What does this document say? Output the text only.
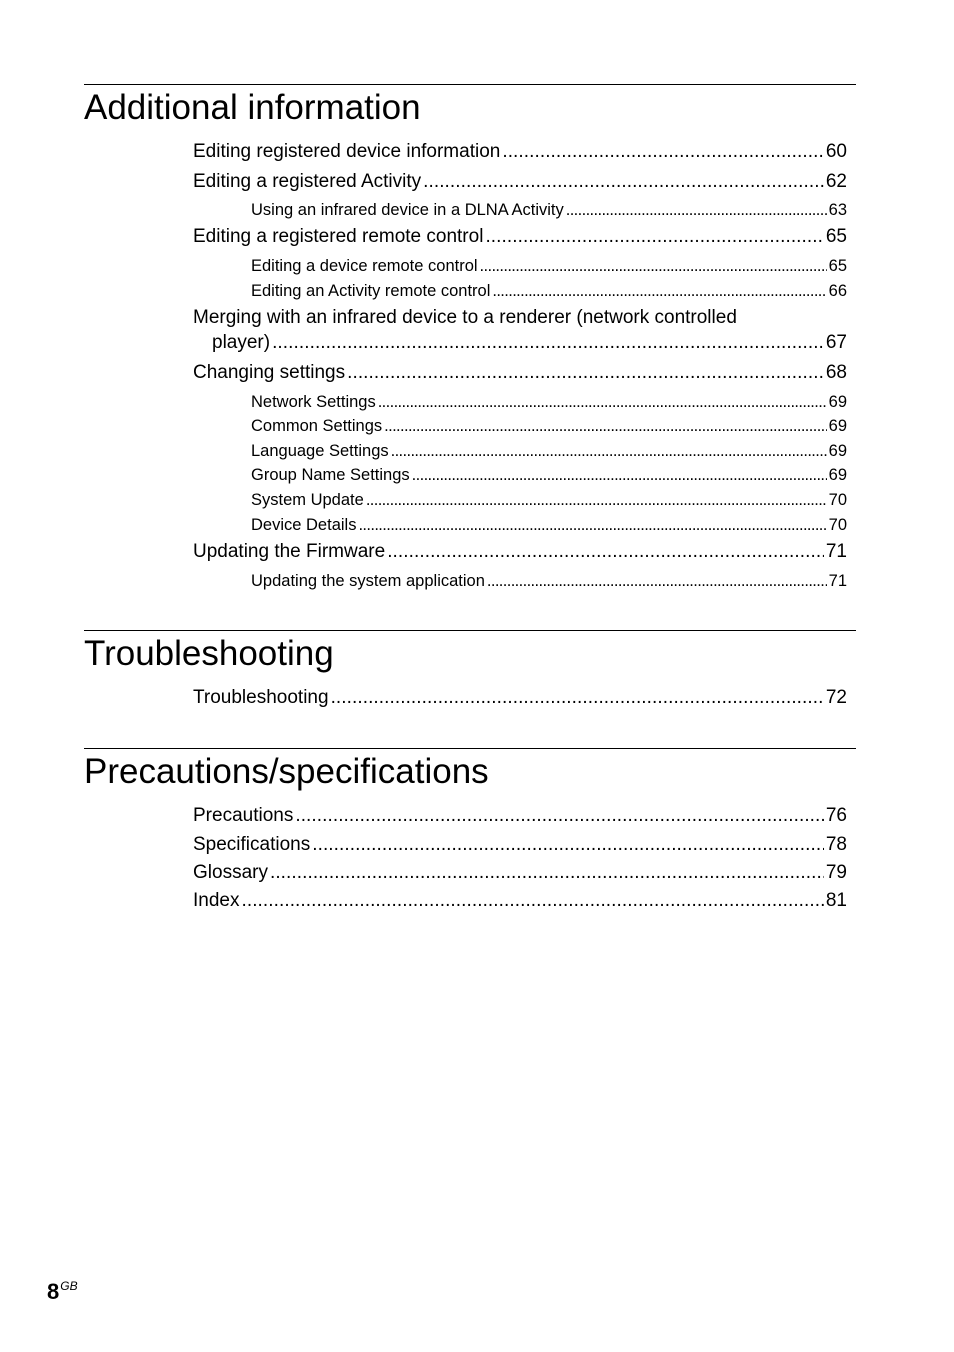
Additional information
Editing registered device information . . .	60
Editing a registered Activity . . .	62
Using an infrared device in a DLNA Activity . . .	63
Editing a registered remote control . . .	65
Editing a device remote control . . .	65
Editing an Activity remote control . . .	66
Merging with an infrared device to a renderer (network controlled
player) . . .	67
Changing settings . . .	68
Network Settings . . .	69
Common Settings . . .	69
Language Settings . . .	69
Group Name Settings . . .	69
System Update . . .	70
Device Details . . .	70
Updating the Firmware . . .	71
Updating the system application . . .	71
Troubleshooting
Troubleshooting . . .	72
Precautions/specifications
Precautions . . .	76
Specifications . . .	78
Glossary . . .	79
Index . . .	81
$8^{GB}$
